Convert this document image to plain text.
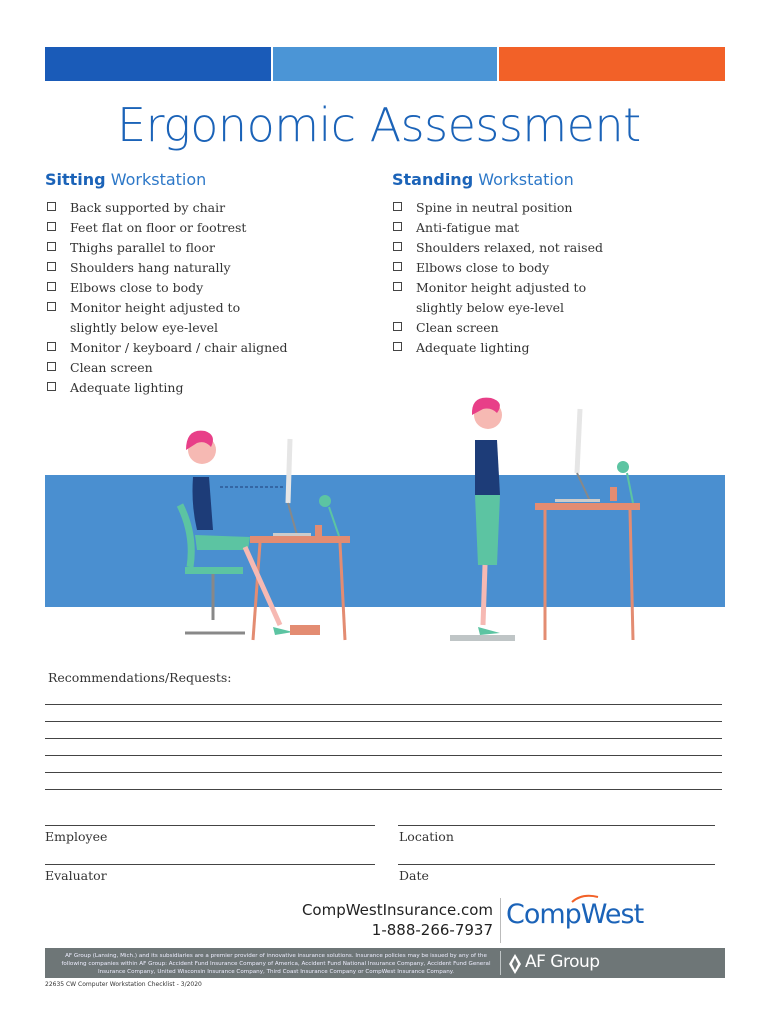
Ergonomic Assessment
Sitting Workstation	Standing Workstation
Back supported by chair
Feet flat on floor or footrest
Thighs parallel to floor
Shoulders hang naturally
Elbows close to body
Monitor height adjusted to slightly below eye-level
Monitor / keyboard / chair aligned
Clean screen
Adequate lighting
Spine in neutral position
Anti-fatigue mat
Shoulders relaxed, not raised
Elbows close to body
Monitor height adjusted to slightly below eye-level
Clean screen
Adequate lighting
Recommendations/Requests:
Employee	Location
Evaluator	Date
CompWestInsurance.com
1-888-266-7937 CompWest
AF Group (Lansing, Mich.) and its subsidiaries are a premier provider of innovative insurance solutions. Insurance policies may be issued by any of the following companies within AF Group: Accident Fund Insurance Company of America, Accident Fund National Insurance Company, Accident Fund General Insurance Company, United Wisconsin Insurance Company, Third Coast Insurance Company or CompWest Insurance Company.	AF Group
22635 CW Computer Workstation Checklist - 3/2020
